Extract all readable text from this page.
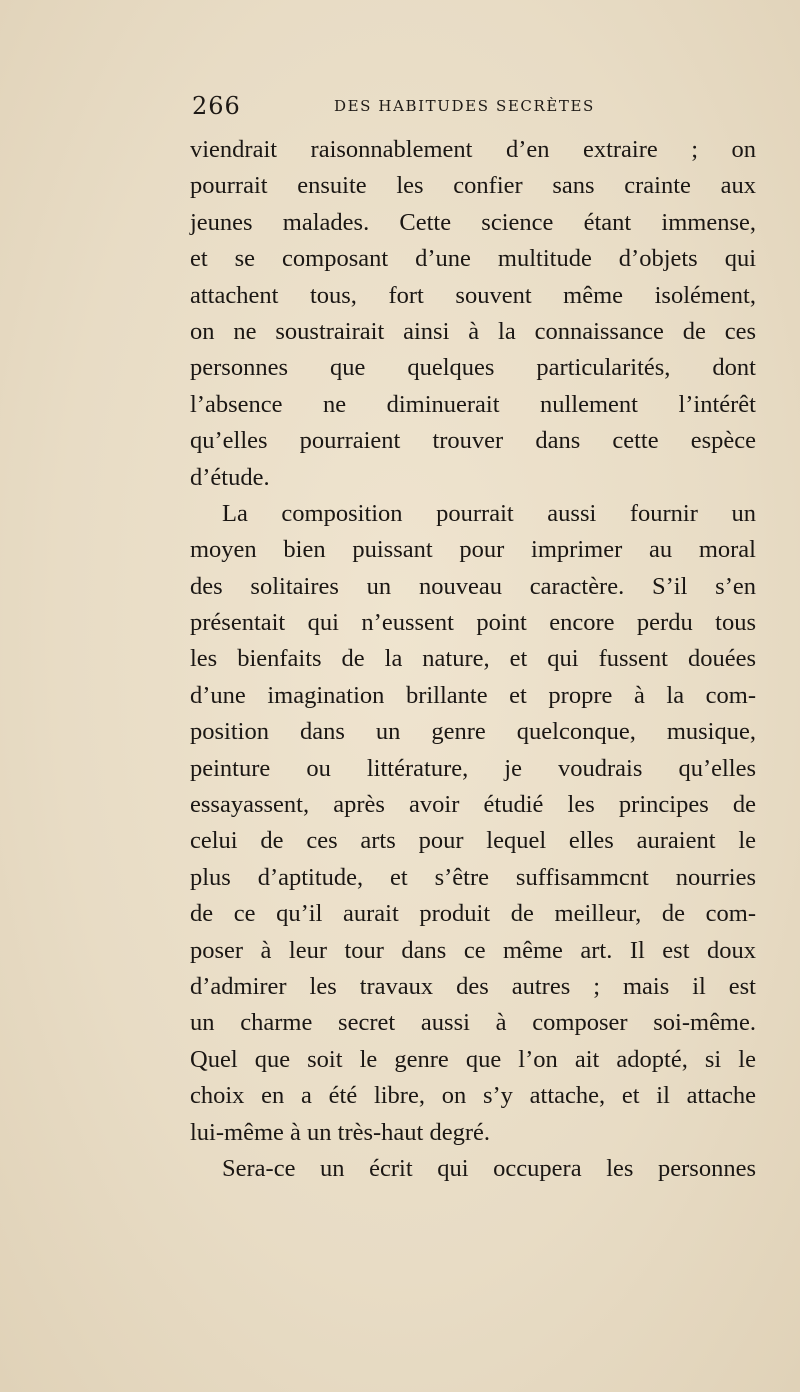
266	DES HABITUDES SECRÈTES
viendrait raisonnablement d’en extraire ; on
pourrait ensuite les confier sans crainte aux
jeunes malades. Cette science étant immense,
et se composant d’une multitude d’objets qui
attachent tous, fort souvent même isolément,
on ne soustrairait ainsi à la connaissance de ces
personnes que quelques particularités, dont
l’absence ne diminuerait nullement l’intérêt
qu’elles pourraient trouver dans cette espèce
d’étude.
La composition pourrait aussi fournir un
moyen bien puissant pour imprimer au moral
des solitaires un nouveau caractère. S’il s’en
présentait qui n’eussent point encore perdu tous
les bienfaits de la nature, et qui fussent douées
d’une imagination brillante et propre à la com-
position dans un genre quelconque, musique,
peinture ou littérature, je voudrais qu’elles
essayassent, après avoir étudié les principes de
celui de ces arts pour lequel elles auraient le
plus d’aptitude, et s’être suffisammcnt nourries
de ce qu’il aurait produit de meilleur, de com-
poser à leur tour dans ce même art. Il est doux
d’admirer les travaux des autres ; mais il est
un charme secret aussi à composer soi-même.
Quel que soit le genre que l’on ait adopté, si le
choix en a été libre, on s’y attache, et il attache
lui-même à un très-haut degré.
Sera-ce un écrit qui occupera les personnes
